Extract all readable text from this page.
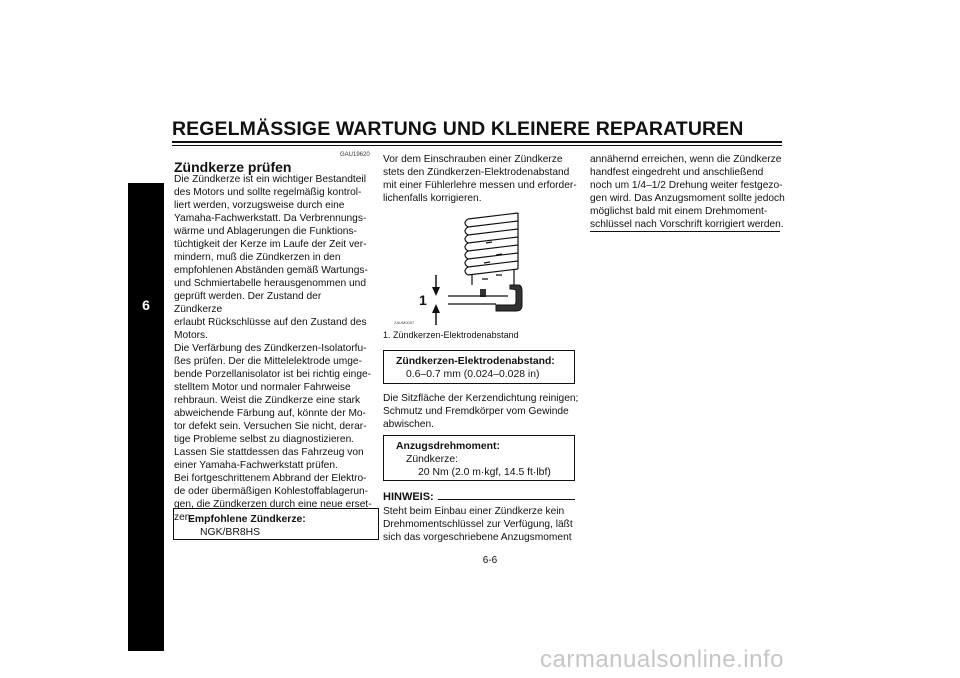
REGELMÄSSIGE WARTUNG UND KLEINERE REPARATUREN
6
GAU19620
Zündkerze prüfen
Die Zündkerze ist ein wichtiger Bestandteil
des Motors und sollte regelmäßig kontrol-
liert werden, vorzugsweise durch eine
Yamaha-Fachwerkstatt. Da Verbrennungs-
wärme und Ablagerungen die Funktions-
tüchtigkeit der Kerze im Laufe der Zeit ver-
mindern, muß die Zündkerzen in den
empfohlenen Abständen gemäß Wartungs-
und Schmiertabelle herausgenommen und
geprüft werden. Der Zustand der Zündkerze
erlaubt Rückschlüsse auf den Zustand des
Motors.
Die Verfärbung des Zündkerzen-Isolatorfu-
ßes prüfen. Der die Mittelelektrode umge-
bende Porzellanisolator ist bei richtig einge-
stelltem Motor und normaler Fahrweise
rehbraun. Weist die Zündkerze eine stark
abweichende Färbung auf, könnte der Mo-
tor defekt sein. Versuchen Sie nicht, derar-
tige Probleme selbst zu diagnostizieren.
Lassen Sie stattdessen das Fahrzeug von
einer Yamaha-Fachwerkstatt prüfen.
Bei fortgeschrittenem Abbrand der Elektro-
de oder übermäßigen Kohlestoffablagerun-
gen, die Zündkerzen durch eine neue erset-
zen.
Empfohlene Zündkerze:
NGK/BR8HS
Vor dem Einschrauben einer Zündkerze
stets den Zündkerzen-Elektrodenabstand
mit einer Fühlerlehre messen und erforder-
lichenfalls korrigieren.
1
ZAUM0057
1. Zündkerzen-Elektrodenabstand
Zündkerzen-Elektrodenabstand:
0.6–0.7 mm (0.024–0.028 in)
Die Sitzfläche der Kerzendichtung reinigen;
Schmutz und Fremdkörper vom Gewinde
abwischen.
Anzugsdrehmoment:
Zündkerze:
20 Nm (2.0 m·kgf, 14.5 ft·lbf)
HINWEIS:
Steht beim Einbau einer Zündkerze kein
Drehmomentschlüssel zur Verfügung, läßt
sich das vorgeschriebene Anzugsmoment
annähernd erreichen, wenn die Zündkerze
handfest eingedreht und anschließend
noch um 1/4–1/2 Drehung weiter festgezo-
gen wird. Das Anzugsmoment sollte jedoch
möglichst bald mit einem Drehmoment-
schlüssel nach Vorschrift korrigiert werden.
6-6
carmanualsonline.info
